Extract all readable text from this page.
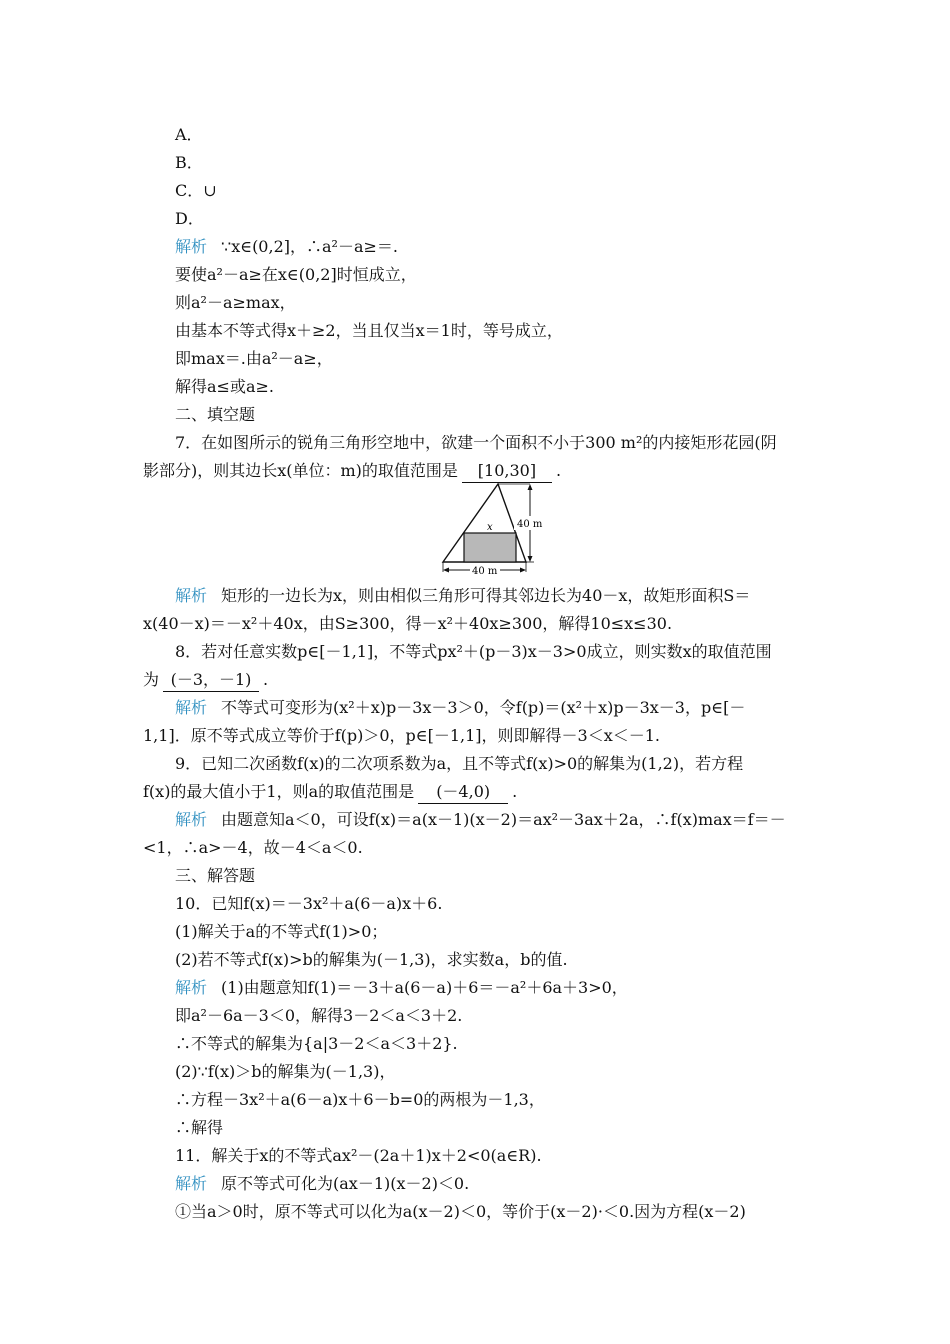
A．
B．
C．∪
D．
解析 ∵x∈(0,2]，∴a²－a≥＝.
要使a²－a≥在x∈(0,2]时恒成立，
则a²－a≥max，
由基本不等式得x＋≥2，当且仅当x＝1时，等号成立，
即max＝.由a²－a≥，
解得a≤或a≥.
二、填空题
7．在如图所示的锐角三角形空地中，欲建一个面积不小于300 m²的内接矩形花园(阴
影部分)，则其边长x(单位：m)的取值范围是 [10,30] .
40 m
40 m
x
解析 矩形的一边长为x，则由相似三角形可得其邻边长为40－x，故矩形面积S＝
x(40－x)＝－x²＋40x，由S≥300，得－x²＋40x≥300，解得10≤x≤30.
8．若对任意实数p∈[－1,1]，不等式px²＋(p－3)x－3>0成立，则实数x的取值范围
为 (－3，－1) .
解析 不等式可变形为(x²＋x)p－3x－3＞0，令f(p)＝(x²＋x)p－3x－3，p∈[－
1,1]．原不等式成立等价于f(p)＞0，p∈[－1,1]，则即解得－3＜x＜－1.
9．已知二次函数f(x)的二次项系数为a，且不等式f(x)>0的解集为(1,2)，若方程
f(x)的最大值小于1，则a的取值范围是 (－4,0) .
解析 由题意知a＜0，可设f(x)＝a(x－1)(x－2)＝ax²－3ax＋2a，∴f(x)max＝f＝－
<1，∴a>－4，故－4＜a＜0.
三、解答题
10．已知f(x)＝－3x²＋a(6－a)x＋6.
(1)解关于a的不等式f(1)>0；
(2)若不等式f(x)>b的解集为(－1,3)，求实数a，b的值.
解析 (1)由题意知f(1)＝－3＋a(6－a)＋6＝－a²＋6a＋3>0，
即a²－6a－3＜0，解得3－2＜a＜3＋2.
∴不等式的解集为{a|3－2＜a＜3＋2}.
(2)∵f(x)＞b的解集为(－1,3)，
∴方程－3x²＋a(6－a)x＋6－b=0的两根为－1,3，
∴解得
11．解关于x的不等式ax²－(2a＋1)x＋2<0(a∈R).
解析 原不等式可化为(ax－1)(x－2)＜0.
①当a＞0时，原不等式可以化为a(x－2)＜0，等价于(x－2)·＜0.因为方程(x－2)
